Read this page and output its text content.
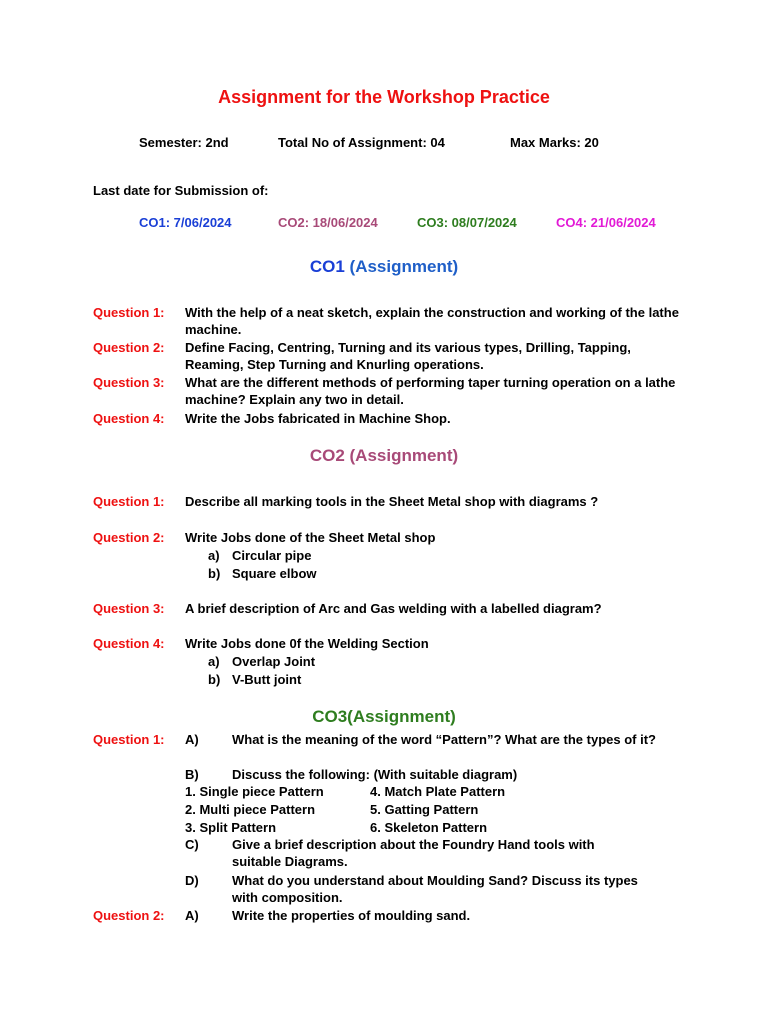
Assignment for the Workshop Practice
Semester: 2nd	Total No of Assignment: 04	Max Marks: 20
Last date for Submission of:
CO1: 7/06/2024	CO2: 18/06/2024	CO3: 08/07/2024	CO4: 21/06/2024
CO1 (Assignment)
Question 1: With the help of a neat sketch, explain the construction and working of the lathe machine.
Question 2: Define Facing, Centring, Turning and its various types, Drilling, Tapping, Reaming, Step Turning and Knurling operations.
Question 3: What are the different methods of performing taper turning operation on a lathe machine? Explain any two in detail.
Question 4: Write the Jobs fabricated in Machine Shop.
CO2 (Assignment)
Question 1: Describe all marking tools in the Sheet Metal shop with diagrams ?
Question 2: Write Jobs done of the Sheet Metal shop
a) Circular pipe
b) Square elbow
Question 3: A brief description of Arc and Gas welding with a labelled diagram?
Question 4: Write Jobs done 0f the Welding Section
a) Overlap Joint
b) V-Butt joint
CO3(Assignment)
Question 1: A)	What is the meaning of the word “Pattern”? What are the types of it?
B)	Discuss the following: (With suitable diagram)
1. Single piece Pattern	4. Match Plate Pattern
2. Multi piece Pattern	5. Gatting Pattern
3. Split Pattern	6. Skeleton Pattern
C)	Give a brief description about the Foundry Hand tools with suitable Diagrams.
D)	What do you understand about Moulding Sand? Discuss its types with composition.
Question 2: A)	Write the properties of moulding sand.
